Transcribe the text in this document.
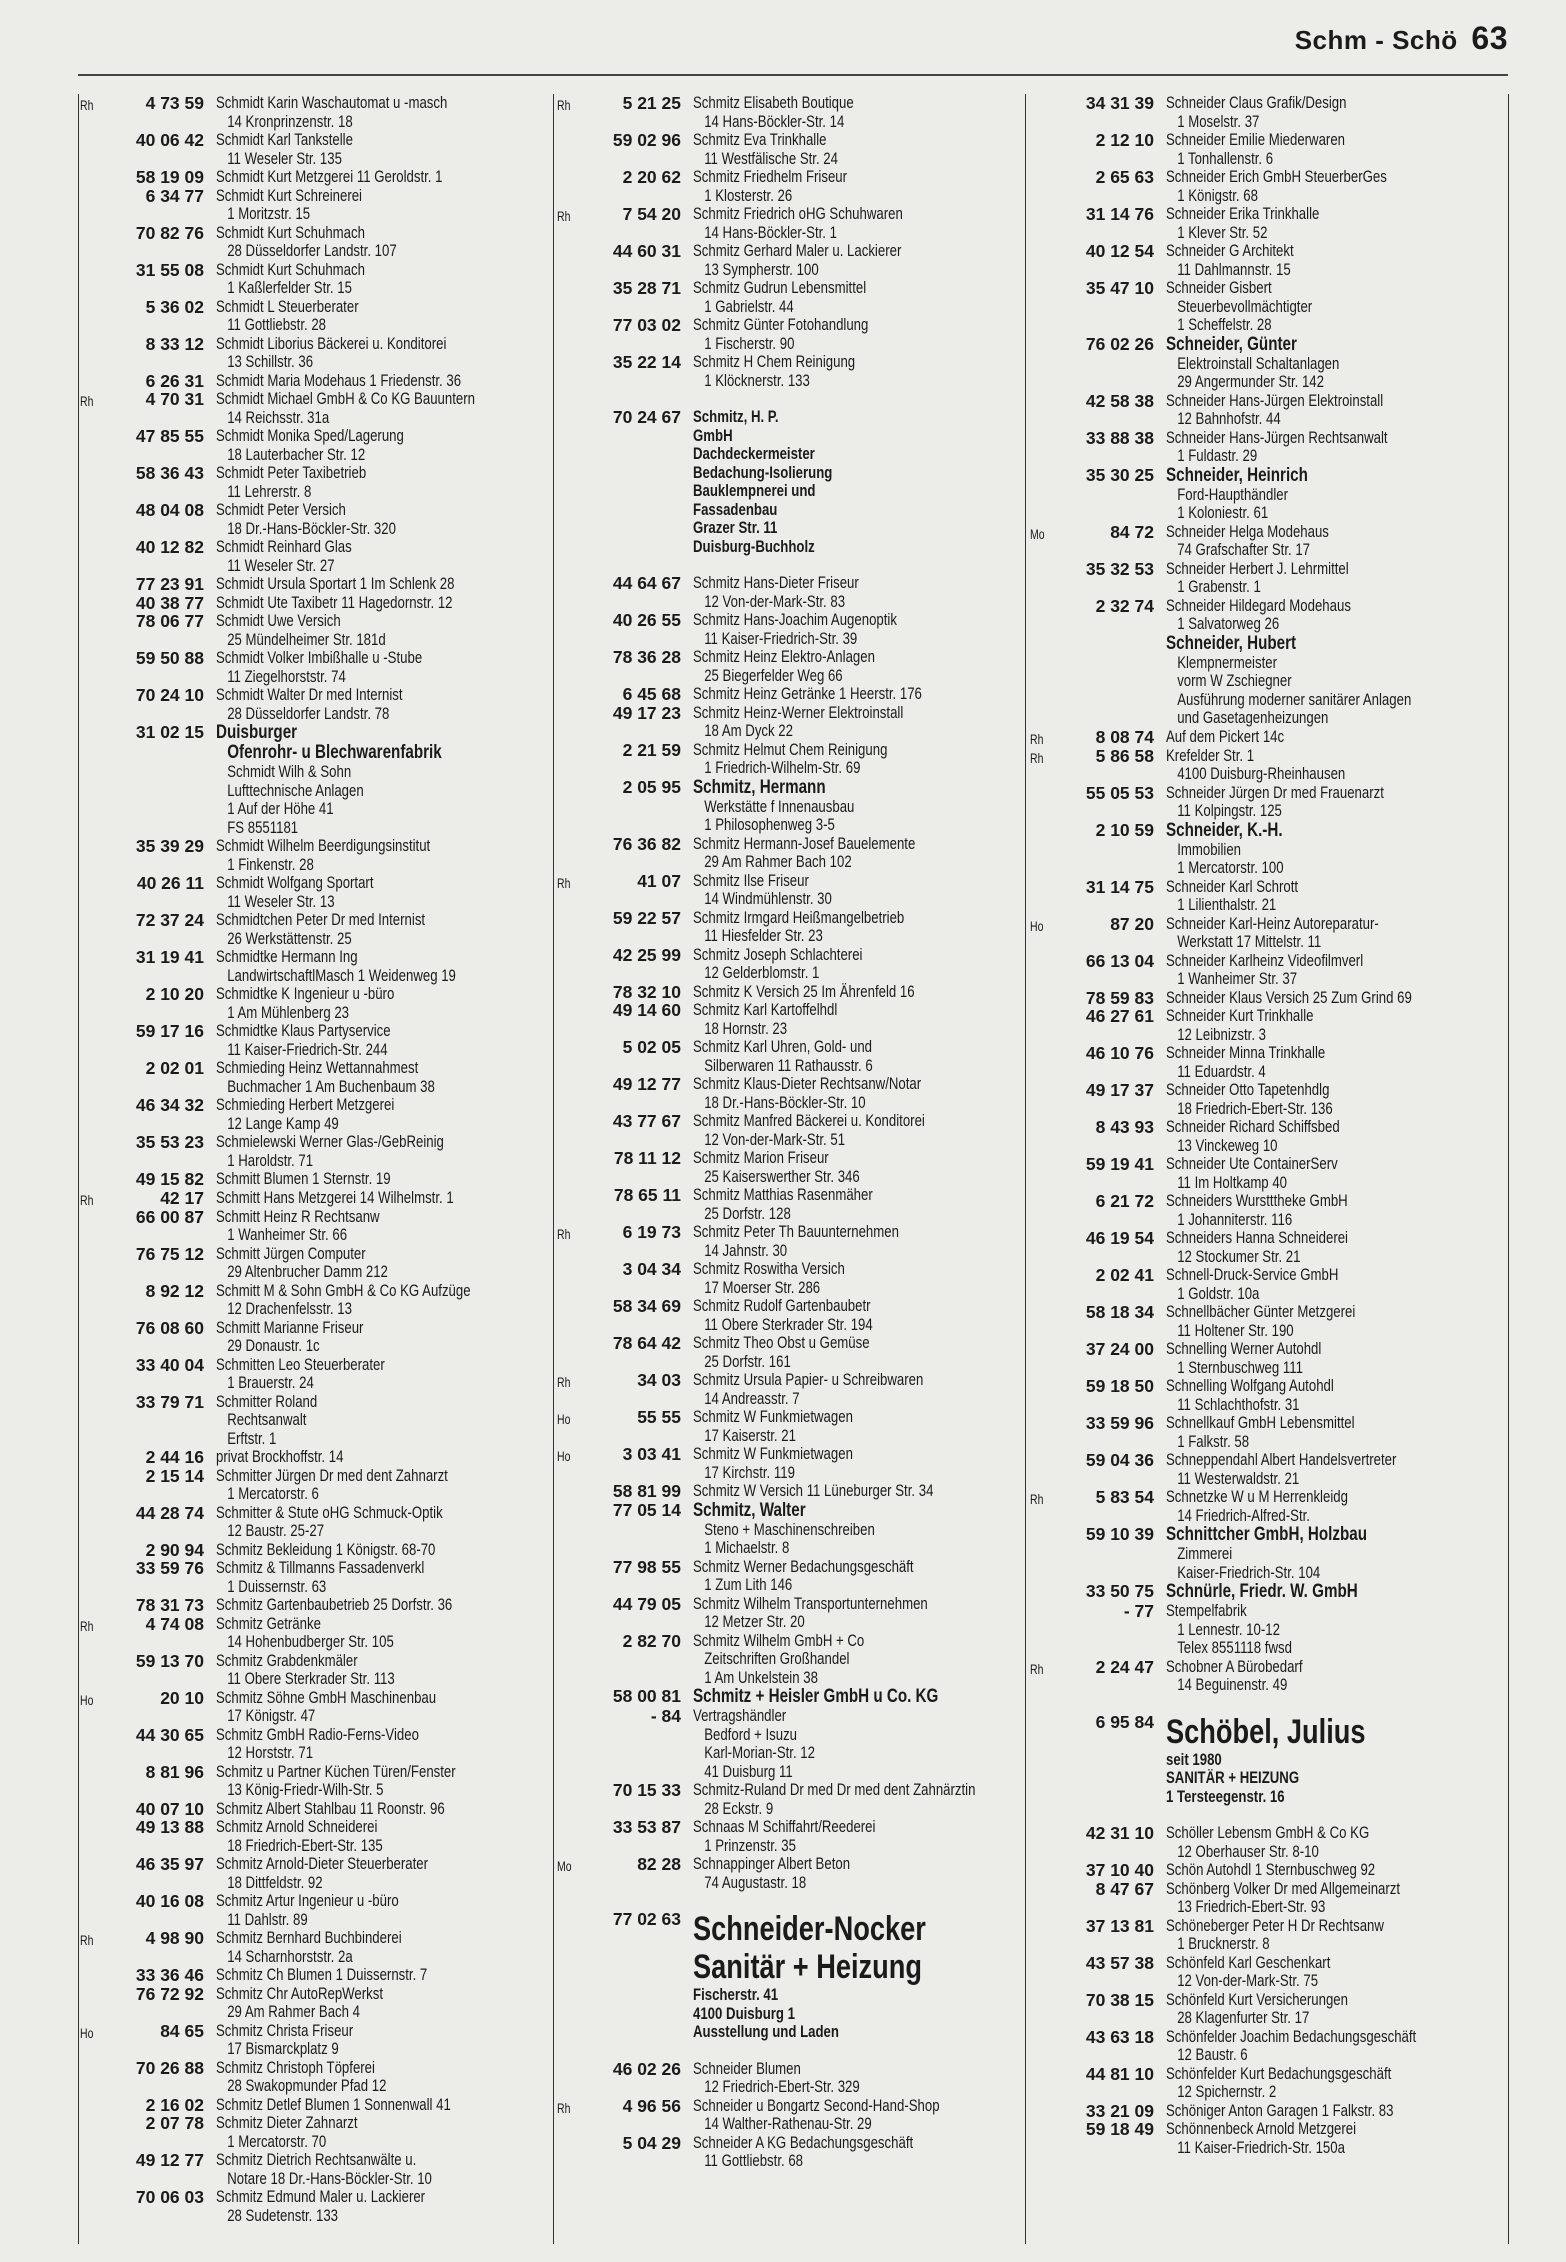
Schm - Schö 63
Rh	4 73 59 Schmidt Karin Waschautomat u -masch
14 Kronprinzenstr. 18
40 06 42 Schmidt Karl Tankstelle
11 Weseler Str. 135
58 19 09 Schmidt Kurt Metzgerei 11 Geroldstr. 1
6 34 77 Schmidt Kurt Schreinerei
1 Moritzstr. 15
70 82 76 Schmidt Kurt Schuhmach
28 Düsseldorfer Landstr. 107
31 55 08 Schmidt Kurt Schuhmach
1 Kaßlerfelder Str. 15
5 36 02 Schmidt L Steuerberater
11 Gottliebstr. 28
8 33 12 Schmidt Liborius Bäckerei u. Konditorei
13 Schillstr. 36
6 26 31 Schmidt Maria Modehaus 1 Friedenstr. 36
Rh	4 70 31 Schmidt Michael GmbH & Co KG Bauuntern
14 Reichsstr. 31a
47 85 55 Schmidt Monika Sped/Lagerung
18 Lauterbacher Str. 12
58 36 43 Schmidt Peter Taxibetrieb
11 Lehrerstr. 8
48 04 08 Schmidt Peter Versich
18 Dr.-Hans-Böckler-Str. 320
40 12 82 Schmidt Reinhard Glas
11 Weseler Str. 27
77 23 91 Schmidt Ursula Sportart 1 Im Schlenk 28
40 38 77 Schmidt Ute Taxibetr 11 Hagedornstr. 12
78 06 77 Schmidt Uwe Versich
25 Mündelheimer Str. 181d
59 50 88 Schmidt Volker Imbißhalle u -Stube
11 Ziegelhorststr. 74
70 24 10 Schmidt Walter Dr med Internist
28 Düsseldorfer Landstr. 78
31 02 15 Duisburger
Ofenrohr- u Blechwarenfabrik
Schmidt Wilh & Sohn
Lufttechnische Anlagen
1 Auf der Höhe 41
FS 8551181
35 39 29 Schmidt Wilhelm Beerdigungsinstitut
1 Finkenstr. 28
40 26 11 Schmidt Wolfgang Sportart
11 Weseler Str. 13
72 37 24 Schmidtchen Peter Dr med Internist
26 Werkstättenstr. 25
31 19 41 Schmidtke Hermann Ing
LandwirtschaftlMasch 1 Weidenweg 19
2 10 20 Schmidtke K Ingenieur u -büro
1 Am Mühlenberg 23
59 17 16 Schmidtke Klaus Partyservice
11 Kaiser-Friedrich-Str. 244
2 02 01 Schmieding Heinz Wettannahmest
Buchmacher 1 Am Buchenbaum 38
46 34 32 Schmieding Herbert Metzgerei
12 Lange Kamp 49
35 53 23 Schmielewski Werner Glas-/GebReinig
1 Haroldstr. 71
49 15 82 Schmitt Blumen 1 Sternstr. 19
Rh	42 17 Schmitt Hans Metzgerei 14 Wilhelmstr. 1
66 00 87 Schmitt Heinz R Rechtsanw
1 Wanheimer Str. 66
76 75 12 Schmitt Jürgen Computer
29 Altenbrucher Damm 212
8 92 12 Schmitt M & Sohn GmbH & Co KG Aufzüge
12 Drachenfelsstr. 13
76 08 60 Schmitt Marianne Friseur
29 Donaustr. 1c
33 40 04 Schmitten Leo Steuerberater
1 Brauerstr. 24
33 79 71 Schmitter Roland
Rechtsanwalt
Erftstr. 1
2 44 16 privat Brockhoffstr. 14
2 15 14 Schmitter Jürgen Dr med dent Zahnarzt
1 Mercatorstr. 6
44 28 74 Schmitter & Stute oHG Schmuck-Optik
12 Baustr. 25-27
2 90 94 Schmitz Bekleidung 1 Königstr. 68-70
33 59 76 Schmitz & Tillmanns Fassadenverkl
1 Duissernstr. 63
78 31 73 Schmitz Gartenbaubetrieb 25 Dorfstr. 36
Rh	4 74 08 Schmitz Getränke
14 Hohenbudberger Str. 105
59 13 70 Schmitz Grabdenkmäler
11 Obere Sterkrader Str. 113
Ho	20 10 Schmitz Söhne GmbH Maschinenbau
17 Königstr. 47
44 30 65 Schmitz GmbH Radio-Ferns-Video
12 Horststr. 71
8 81 96 Schmitz u Partner Küchen Türen/Fenster
13 König-Friedr-Wilh-Str. 5
40 07 10 Schmitz Albert Stahlbau 11 Roonstr. 96
49 13 88 Schmitz Arnold Schneiderei
18 Friedrich-Ebert-Str. 135
46 35 97 Schmitz Arnold-Dieter Steuerberater
18 Dittfeldstr. 92
40 16 08 Schmitz Artur Ingenieur u -büro
11 Dahlstr. 89
Rh	4 98 90 Schmitz Bernhard Buchbinderei
14 Scharnhorststr. 2a
33 36 46 Schmitz Ch Blumen 1 Duissernstr. 7
76 72 92 Schmitz Chr AutoRepWerkst
29 Am Rahmer Bach 4
Ho	84 65 Schmitz Christa Friseur
17 Bismarckplatz 9
70 26 88 Schmitz Christoph Töpferei
28 Swakopmunder Pfad 12
2 16 02 Schmitz Detlef Blumen 1 Sonnenwall 41
2 07 78 Schmitz Dieter Zahnarzt
1 Mercatorstr. 70
49 12 77 Schmitz Dietrich Rechtsanwälte u.
Notare 18 Dr.-Hans-Böckler-Str. 10
70 06 03 Schmitz Edmund Maler u. Lackierer
28 Sudetenstr. 133
Rh	5 21 25 Schmitz Elisabeth Boutique
14 Hans-Böckler-Str. 14
59 02 96 Schmitz Eva Trinkhalle
11 Westfälische Str. 24
2 20 62 Schmitz Friedhelm Friseur
1 Klosterstr. 26
Rh	7 54 20 Schmitz Friedrich oHG Schuhwaren
14 Hans-Böckler-Str. 1
44 60 31 Schmitz Gerhard Maler u. Lackierer
13 Sympherstr. 100
35 28 71 Schmitz Gudrun Lebensmittel
1 Gabrielstr. 44
77 03 02 Schmitz Günter Fotohandlung
1 Fischerstr. 90
35 22 14 Schmitz H Chem Reinigung
1 Klöcknerstr. 133
70 24 67 Schmitz, H. P.
GmbH
Dachdeckermeister
Bedachung-Isolierung
Bauklempnerei und
Fassadenbau
Grazer Str. 11
Duisburg-Buchholz
44 64 67 Schmitz Hans-Dieter Friseur
12 Von-der-Mark-Str. 83
40 26 55 Schmitz Hans-Joachim Augenoptik
11 Kaiser-Friedrich-Str. 39
78 36 28 Schmitz Heinz Elektro-Anlagen
25 Biegerfelder Weg 66
6 45 68 Schmitz Heinz Getränke 1 Heerstr. 176
49 17 23 Schmitz Heinz-Werner Elektroinstall
18 Am Dyck 22
2 21 59 Schmitz Helmut Chem Reinigung
1 Friedrich-Wilhelm-Str. 69
2 05 95 Schmitz, Hermann
Werkstätte f Innenausbau
1 Philosophenweg 3-5
76 36 82 Schmitz Hermann-Josef Bauelemente
29 Am Rahmer Bach 102
Rh	41 07 Schmitz Ilse Friseur
14 Windmühlenstr. 30
59 22 57 Schmitz Irmgard Heißmangelbetrieb
11 Hiesfelder Str. 23
42 25 99 Schmitz Joseph Schlachterei
12 Gelderblomstr. 1
78 32 10 Schmitz K Versich 25 Im Ährenfeld 16
49 14 60 Schmitz Karl Kartoffelhdl
18 Hornstr. 23
5 02 05 Schmitz Karl Uhren, Gold- und
Silberwaren 11 Rathausstr. 6
49 12 77 Schmitz Klaus-Dieter Rechtsanw/Notar
18 Dr.-Hans-Böckler-Str. 10
43 77 67 Schmitz Manfred Bäckerei u. Konditorei
12 Von-der-Mark-Str. 51
78 11 12 Schmitz Marion Friseur
25 Kaiserswerther Str. 346
78 65 11 Schmitz Matthias Rasenmäher
25 Dorfstr. 128
Rh	6 19 73 Schmitz Peter Th Bauunternehmen
14 Jahnstr. 30
3 04 34 Schmitz Roswitha Versich
17 Moerser Str. 286
58 34 69 Schmitz Rudolf Gartenbaubetr
11 Obere Sterkrader Str. 194
78 64 42 Schmitz Theo Obst u Gemüse
25 Dorfstr. 161
Rh	34 03 Schmitz Ursula Papier- u Schreibwaren
14 Andreasstr. 7
Ho	55 55 Schmitz W Funkmietwagen
17 Kaiserstr. 21
Ho	3 03 41 Schmitz W Funkmietwagen
17 Kirchstr. 119
58 81 99 Schmitz W Versich 11 Lüneburger Str. 34
77 05 14 Schmitz, Walter
Steno + Maschinenschreiben
1 Michaelstr. 8
77 98 55 Schmitz Werner Bedachungsgeschäft
1 Zum Lith 146
44 79 05 Schmitz Wilhelm Transportunternehmen
12 Metzer Str. 20
2 82 70 Schmitz Wilhelm GmbH + Co
Zeitschriften Großhandel
1 Am Unkelstein 38
58 00 81 Schmitz + Heisler GmbH u Co. KG
- 84 Vertragshändler
Bedford + Isuzu
Karl-Morian-Str. 12
41 Duisburg 11
70 15 33 Schmitz-Ruland Dr med Dr med dent Zahnärztin
28 Eckstr. 9
33 53 87 Schnaas M Schiffahrt/Reederei
1 Prinzenstr. 35
Mo	82 28 Schnappinger Albert Beton
74 Augustastr. 18
77 02 63 Schneider-Nocker
Sanitär + Heizung
Fischerstr. 41
4100 Duisburg 1
Ausstellung und Laden
46 02 26 Schneider Blumen
12 Friedrich-Ebert-Str. 329
Rh	4 96 56 Schneider u Bongartz Second-Hand-Shop
14 Walther-Rathenau-Str. 29
5 04 29 Schneider A KG Bedachungsgeschäft
11 Gottliebstr. 68
34 31 39 Schneider Claus Grafik/Design
1 Moselstr. 37
2 12 10 Schneider Emilie Miederwaren
1 Tonhallenstr. 6
2 65 63 Schneider Erich GmbH SteuerberGes
1 Königstr. 68
31 14 76 Schneider Erika Trinkhalle
1 Klever Str. 52
40 12 54 Schneider G Architekt
11 Dahlmannstr. 15
35 47 10 Schneider Gisbert
Steuerbevollmächtigter
1 Scheffelstr. 28
76 02 26 Schneider, Günter
Elektroinstall Schaltanlagen
29 Angermunder Str. 142
42 58 38 Schneider Hans-Jürgen Elektroinstall
12 Bahnhofstr. 44
33 88 38 Schneider Hans-Jürgen Rechtsanwalt
1 Fuldastr. 29
35 30 25 Schneider, Heinrich
Ford-Haupthändler
1 Koloniestr. 61
Mo	84 72 Schneider Helga Modehaus
74 Grafschafter Str. 17
35 32 53 Schneider Herbert J. Lehrmittel
1 Grabenstr. 1
2 32 74 Schneider Hildegard Modehaus
1 Salvatorweg 26
Schneider, Hubert
Klempnermeister
vorm W Zschiegner
Ausführung moderner sanitärer Anlagen
und Gasetagenheizungen
Rh	8 08 74 Auf dem Pickert 14c
Rh	5 86 58 Krefelder Str. 1
4100 Duisburg-Rheinhausen
55 05 53 Schneider Jürgen Dr med Frauenarzt
11 Kolpingstr. 125
2 10 59 Schneider, K.-H.
Immobilien
1 Mercatorstr. 100
31 14 75 Schneider Karl Schrott
1 Lilienthalstr. 21
Ho	87 20 Schneider Karl-Heinz Autoreparatur-
Werkstatt 17 Mittelstr. 11
66 13 04 Schneider Karlheinz Videofilmverl
1 Wanheimer Str. 37
78 59 83 Schneider Klaus Versich 25 Zum Grind 69
46 27 61 Schneider Kurt Trinkhalle
12 Leibnizstr. 3
46 10 76 Schneider Minna Trinkhalle
11 Eduardstr. 4
49 17 37 Schneider Otto Tapetenhdlg
18 Friedrich-Ebert-Str. 136
8 43 93 Schneider Richard Schiffsbed
13 Vinckeweg 10
59 19 41 Schneider Ute ContainerServ
11 Im Holtkamp 40
6 21 72 Schneiders Wurstttheke GmbH
1 Johanniterstr. 116
46 19 54 Schneiders Hanna Schneiderei
12 Stockumer Str. 21
2 02 41 Schnell-Druck-Service GmbH
1 Goldstr. 10a
58 18 34 Schnellbächer Günter Metzgerei
11 Holtener Str. 190
37 24 00 Schnelling Werner Autohdl
1 Sternbuschweg 111
59 18 50 Schnelling Wolfgang Autohdl
11 Schlachthofstr. 31
33 59 96 Schnellkauf GmbH Lebensmittel
1 Falkstr. 58
59 04 36 Schneppendahl Albert Handelsvertreter
11 Westerwaldstr. 21
Rh	5 83 54 Schnetzke W u M Herrenkleidg
14 Friedrich-Alfred-Str.
59 10 39 Schnittcher GmbH, Holzbau
Zimmerei
Kaiser-Friedrich-Str. 104
33 50 75 Schnürle, Friedr. W. GmbH
- 77 Stempelfabrik
1 Lennestr. 10-12
Telex 8551118 fwsd
Rh	2 24 47 Schobner A Bürobedarf
14 Beguinenstr. 49
6 95 84 Schöbel, Julius
seit 1980
SANITÄR + HEIZUNG
1 Tersteegenstr. 16
42 31 10 Schöller Lebensm GmbH & Co KG
12 Oberhauser Str. 8-10
37 10 40 Schön Autohdl 1 Sternbuschweg 92
8 47 67 Schönberg Volker Dr med Allgemeinarzt
13 Friedrich-Ebert-Str. 93
37 13 81 Schöneberger Peter H Dr Rechtsanw
1 Brucknerstr. 8
43 57 38 Schönfeld Karl Geschenkart
12 Von-der-Mark-Str. 75
70 38 15 Schönfeld Kurt Versicherungen
28 Klagenfurter Str. 17
43 63 18 Schönfelder Joachim Bedachungsgeschäft
12 Baustr. 6
44 81 10 Schönfelder Kurt Bedachungsgeschäft
12 Spichernstr. 2
33 21 09 Schöniger Anton Garagen 1 Falkstr. 83
59 18 49 Schönnenbeck Arnold Metzgerei
11 Kaiser-Friedrich-Str. 150a
